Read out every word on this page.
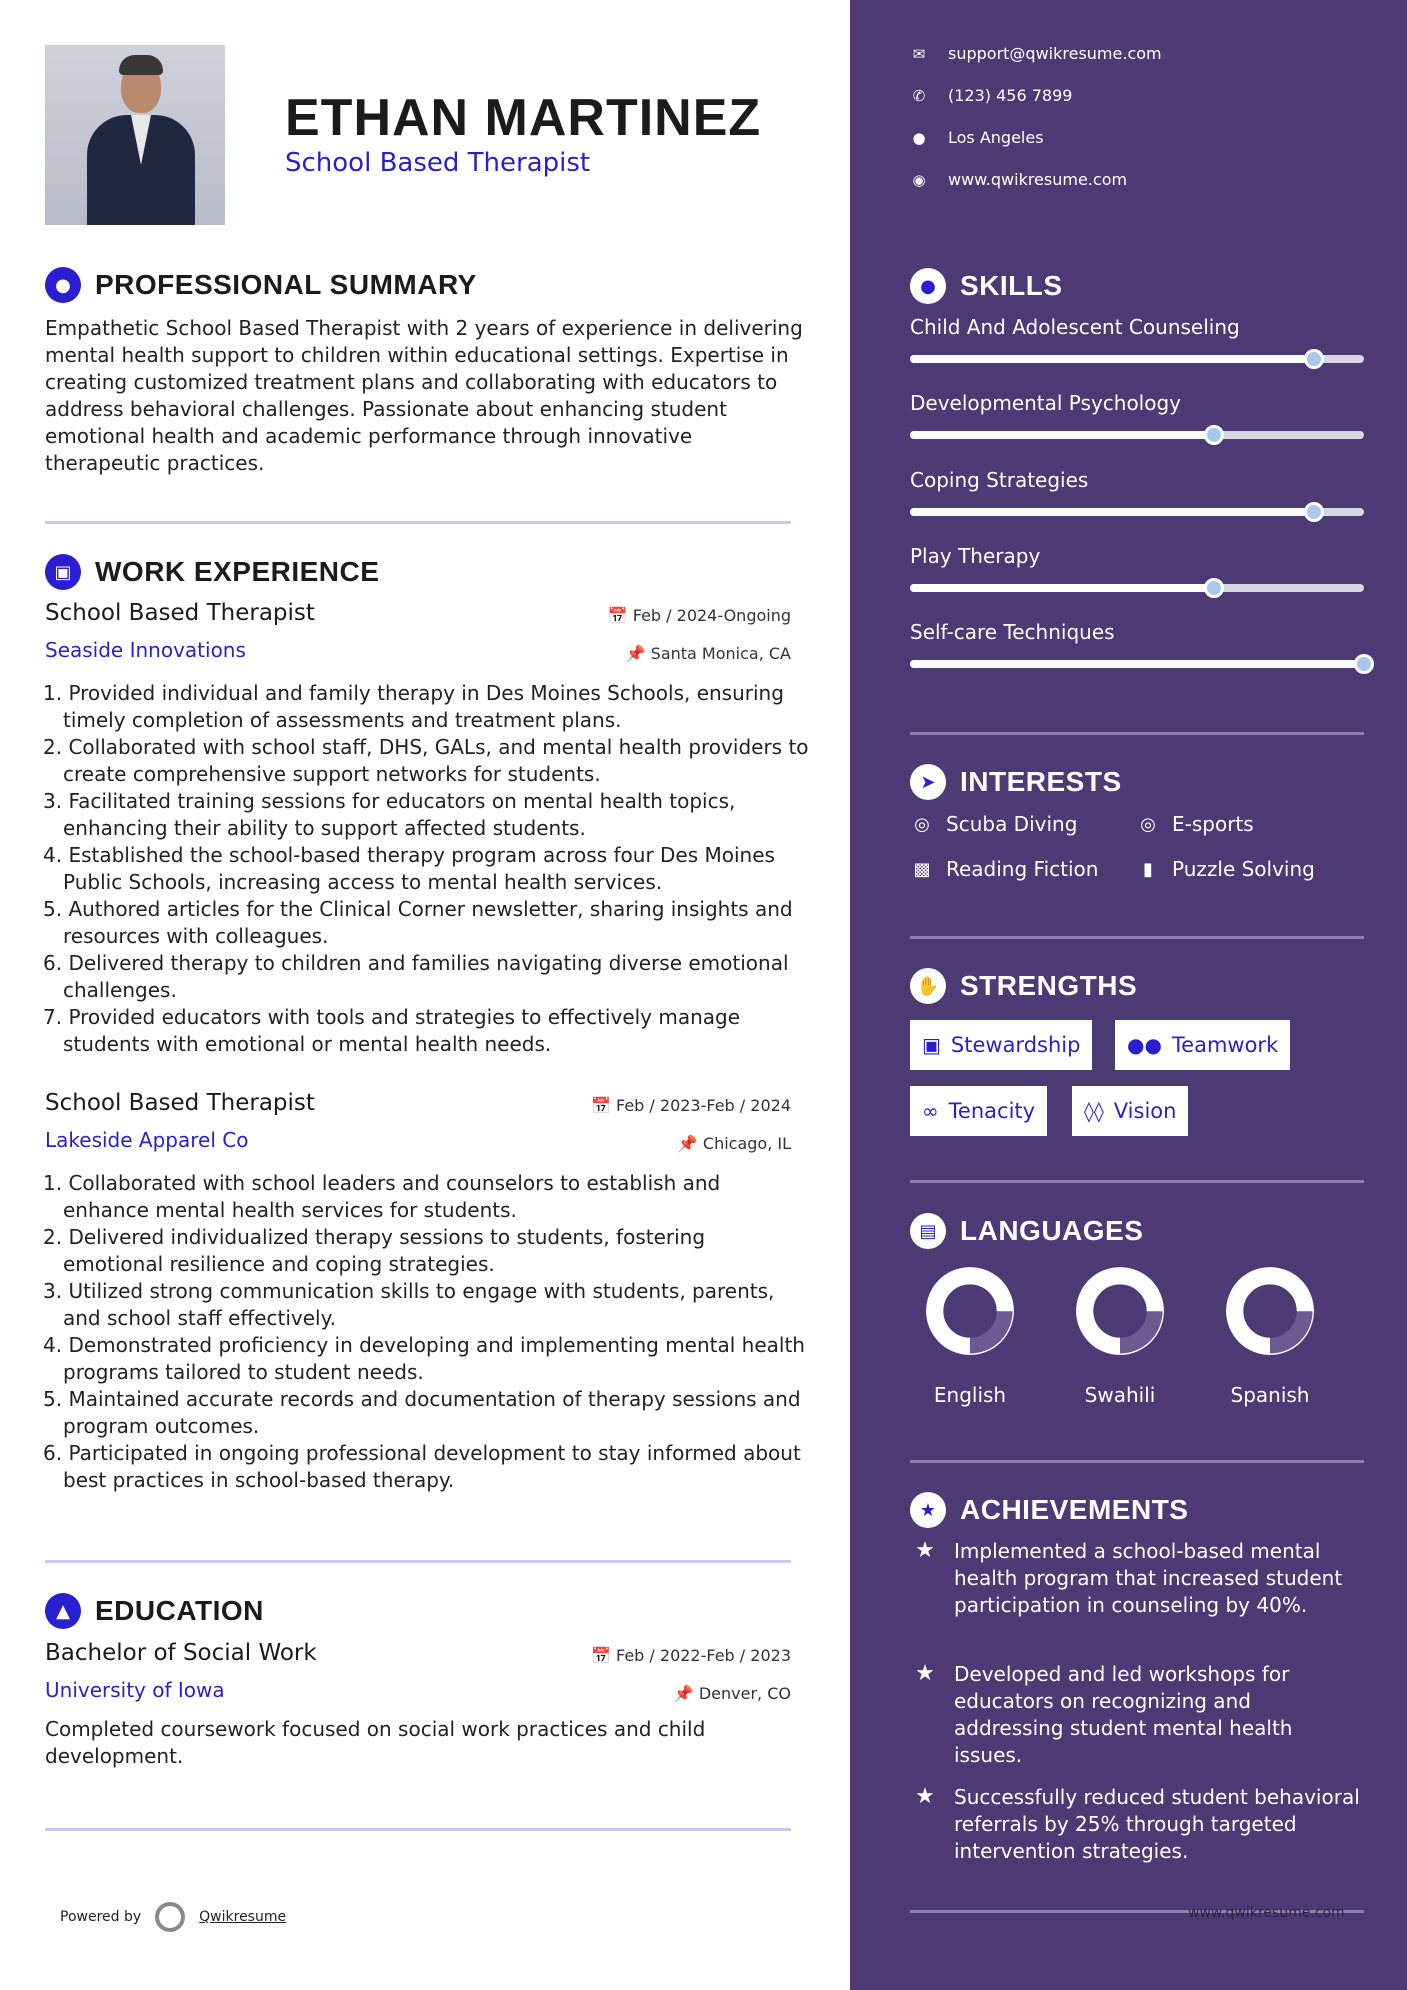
ETHAN MARTINEZ
School Based Therapist
● PROFESSIONAL SUMMARY
Empathetic School Based Therapist with 2 years of experience in delivering mental health support to children within educational settings. Expertise in creating customized treatment plans and collaborating with educators to address behavioral challenges. Passionate about enhancing student emotional health and academic performance through innovative therapeutic practices.
▣ WORK EXPERIENCE
School Based Therapist	📅 Feb / 2024-Ongoing
Seaside Innovations	📌 Santa Monica, CA
1. Provided individual and family therapy in Des Moines Schools, ensuring timely completion of assessments and treatment plans.
2. Collaborated with school staff, DHS, GALs, and mental health providers to create comprehensive support networks for students.
3. Facilitated training sessions for educators on mental health topics, enhancing their ability to support affected students.
4. Established the school-based therapy program across four Des Moines Public Schools, increasing access to mental health services.
5. Authored articles for the Clinical Corner newsletter, sharing insights and resources with colleagues.
6. Delivered therapy to children and families navigating diverse emotional challenges.
7. Provided educators with tools and strategies to effectively manage students with emotional or mental health needs.
School Based Therapist	📅 Feb / 2023-Feb / 2024
Lakeside Apparel Co	📌 Chicago, IL
1. Collaborated with school leaders and counselors to establish and enhance mental health services for students.
2. Delivered individualized therapy sessions to students, fostering emotional resilience and coping strategies.
3. Utilized strong communication skills to engage with students, parents, and school staff effectively.
4. Demonstrated proficiency in developing and implementing mental health programs tailored to student needs.
5. Maintained accurate records and documentation of therapy sessions and program outcomes.
6. Participated in ongoing professional development to stay informed about best practices in school-based therapy.
▲ EDUCATION
Bachelor of Social Work	📅 Feb / 2022-Feb / 2023
University of Iowa	📌 Denver, CO
Completed coursework focused on social work practices and child development.
Powered by	Qwikresume
✉ support@qwikresume.com
✆ (123) 456 7899
● Los Angeles
◉ www.qwikresume.com
● SKILLS
Child And Adolescent Counseling
Developmental Psychology
Coping Strategies
Play Therapy
Self-care Techniques
➤ INTERESTS
◎ Scuba Diving	◎ E-sports
▩ Reading Fiction	▮ Puzzle Solving
✋ STRENGTHS
▣ Stewardship ●● Teamwork
∞ Tenacity ◊◊ Vision
▤ LANGUAGES
English	Swahili	Spanish
★ ACHIEVEMENTS
★ Implemented a school-based mental health program that increased student participation in counseling by 40%.
★ Developed and led workshops for educators on recognizing and addressing student mental health issues.
★ Successfully reduced student behavioral referrals by 25% through targeted intervention strategies.
www.qwikresume.com
